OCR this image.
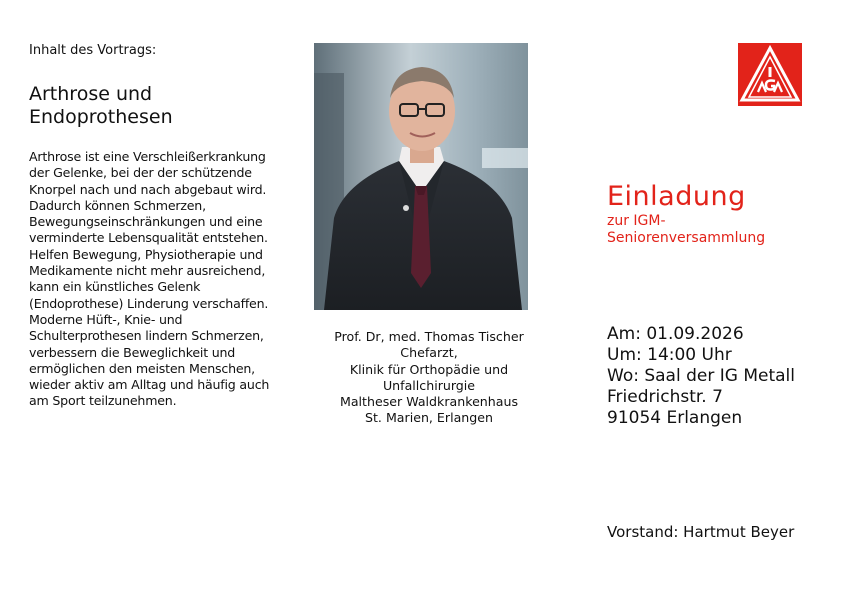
Inhalt des Vortrags:
Arthrose und
Endoprothesen

Arthrose ist eine Verschleißerkrankung der Gelenke, bei der der schützende Knorpel nach und nach abgebaut wird. Dadurch können Schmerzen, Bewegungseinschränkungen und eine verminderte Lebensqualität entstehen. Helfen Bewegung, Physiotherapie und Medikamente nicht mehr ausreichend, kann ein künstliches Gelenk (Endoprothese) Linderung verschaffen. Moderne Hüft-, Knie- und Schulterprothesen lindern Schmerzen, verbessern die Beweglichkeit und ermöglichen den meisten Menschen, wieder aktiv am Alltag und häufig auch am Sport teilzunehmen.

Prof. Dr, med. Thomas Tischer
Chefarzt,
Klinik für Orthopädie und
Unfallchirurgie
Maltheser Waldkrankenhaus
St. Marien, Erlangen
Einladung
zur IGM-
Seniorenversammlung
Am: 01.09.2026
Um: 14:00 Uhr
Wo: Saal der IG Metall
Friedrichstr. 7
91054 Erlangen
Vorstand: Hartmut Beyer
